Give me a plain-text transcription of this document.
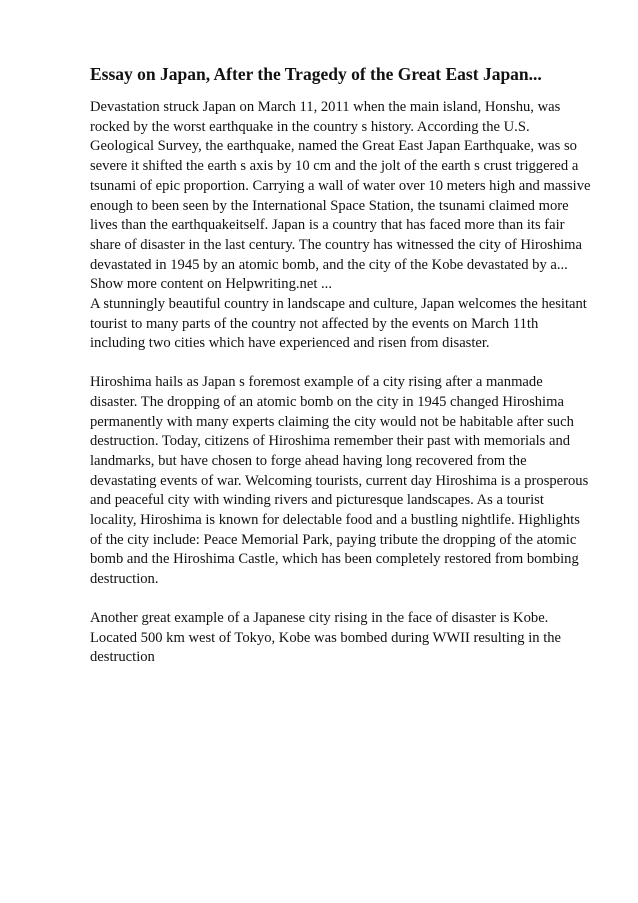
Essay on Japan, After the Tragedy of the Great East Japan...

Devastation struck Japan on March 11, 2011 when the main island, Honshu, was
rocked by the worst earthquake in the country s history. According the U.S.
Geological Survey, the earthquake, named the Great East Japan Earthquake, was so
severe it shifted the earth s axis by 10 cm and the jolt of the earth s crust triggered a
tsunami of epic proportion. Carrying a wall of water over 10 meters high and massive
enough to been seen by the International Space Station, the tsunami claimed more
lives than the earthquakeitself. Japan is a country that has faced more than its fair
share of disaster in the last century. The country has witnessed the city of Hiroshima
devastated in 1945 by an atomic bomb, and the city of the Kobe devastated by a...
Show more content on Helpwriting.net ...

A stunningly beautiful country in landscape and culture, Japan welcomes the hesitant
tourist to many parts of the country not affected by the events on March 11th
including two cities which have experienced and risen from disaster.

Hiroshima hails as Japan s foremost example of a city rising after a manmade
disaster. The dropping of an atomic bomb on the city in 1945 changed Hiroshima
permanently with many experts claiming the city would not be habitable after such
destruction. Today, citizens of Hiroshima remember their past with memorials and
landmarks, but have chosen to forge ahead having long recovered from the
devastating events of war. Welcoming tourists, current day Hiroshima is a prosperous
and peaceful city with winding rivers and picturesque landscapes. As a tourist
locality, Hiroshima is known for delectable food and a bustling nightlife. Highlights
of the city include: Peace Memorial Park, paying tribute the dropping of the atomic
bomb and the Hiroshima Castle, which has been completely restored from bombing
destruction.

Another great example of a Japanese city rising in the face of disaster is Kobe.
Located 500 km west of Tokyo, Kobe was bombed during WWII resulting in the
destruction
